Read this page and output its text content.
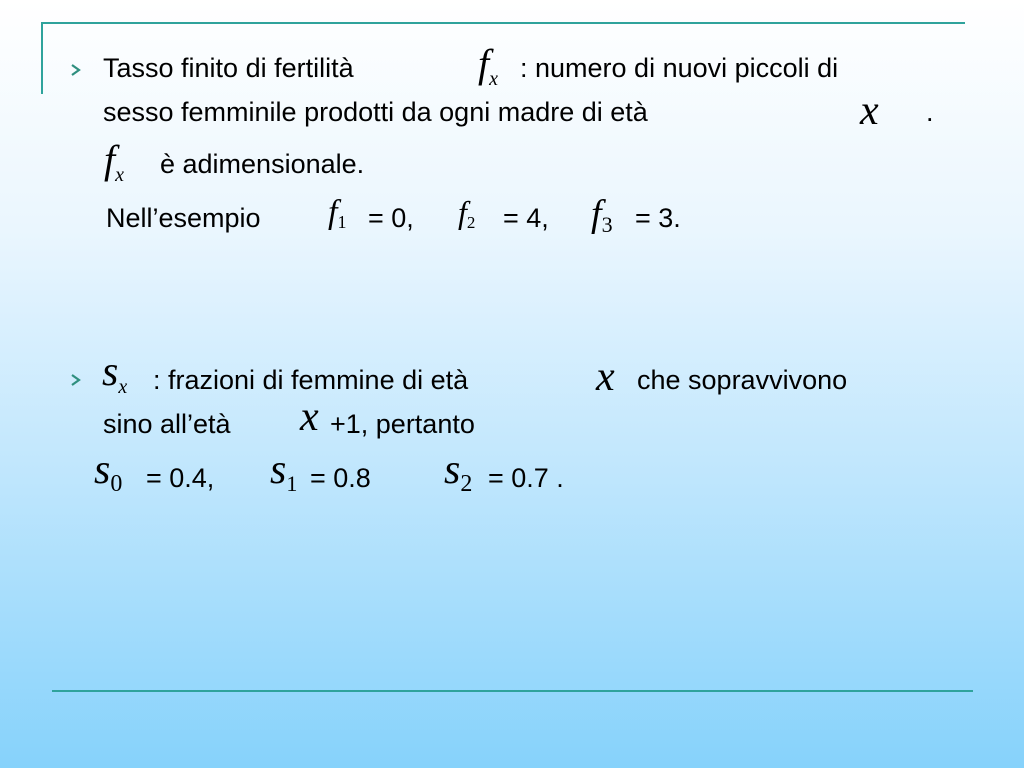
Tasso finito di fertilità	fx : numero di nuovi piccoli di
sesso femminile prodotti da ogni madre di età	x .
fx è adimensionale.
Nell’esempio f1 = 0, f2 = 4, f3 = 3.
sx : frazioni di femmine di età	x che sopravvivono
sino all’età x +1, pertanto
s0 = 0.4, s1 = 0.8 s2 = 0.7 .
